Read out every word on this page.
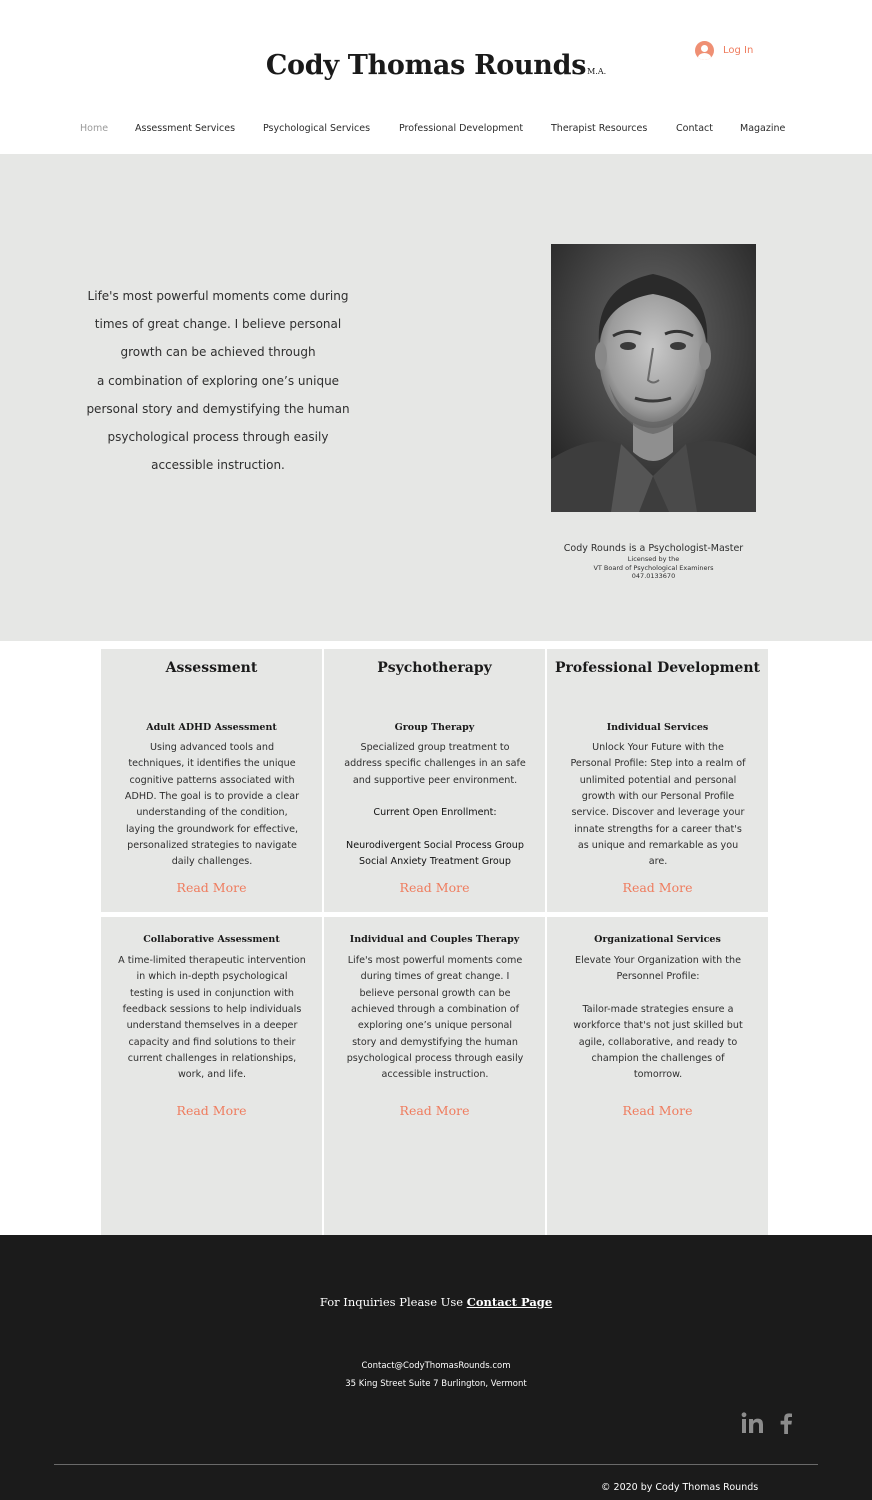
Cody Thomas RoundsM.A.
Log In
Home	Assessment Services	Psychological Services	Professional Development	Therapist Resources	Contact	Magazine
Life's most powerful moments come during
times of great change. I believe personal
growth can be achieved through
a combination of exploring one’s unique
personal story and demystifying the human
psychological process through easily
accessible instruction.
Cody Rounds is a Psychologist-Master
Licensed by the
VT Board of Psychological Examiners
047.0133670
Assessment
Adult ADHD Assessment
Using advanced tools and
techniques, it identifies the unique
cognitive patterns associated with
ADHD. The goal is to provide a clear
understanding of the condition,
laying the groundwork for effective,
personalized strategies to navigate
daily challenges.
Read More
Psychotherapy
Group Therapy
Specialized group treatment to
address specific challenges in an safe
and supportive peer environment.

Current Open Enrollment:

Neurodivergent Social Process Group
Social Anxiety Treatment Group
Read More
Professional Development
Individual Services
Unlock Your Future with the
Personal Profile: Step into a realm of
unlimited potential and personal
growth with our Personal Profile
service. Discover and leverage your
innate strengths for a career that's
as unique and remarkable as you
are.
Read More
Collaborative Assessment
A time-limited therapeutic intervention
in which in-depth psychological
testing is used in conjunction with
feedback sessions to help individuals
understand themselves in a deeper
capacity and find solutions to their
current challenges in relationships,
work, and life.
Read More
Individual and Couples Therapy
Life's most powerful moments come
during times of great change. I
believe personal growth can be
achieved through a combination of
exploring one’s unique personal
story and demystifying the human
psychological process through easily
accessible instruction.
Read More
Organizational Services
Elevate Your Organization with the
Personnel Profile:

Tailor-made strategies ensure a
workforce that's not just skilled but
agile, collaborative, and ready to
champion the challenges of
tomorrow.
Read More
For Inquiries Please Use Contact Page
Contact@CodyThomasRounds.com
35 King Street Suite 7 Burlington, Vermont
© 2020 by Cody Thomas Rounds
